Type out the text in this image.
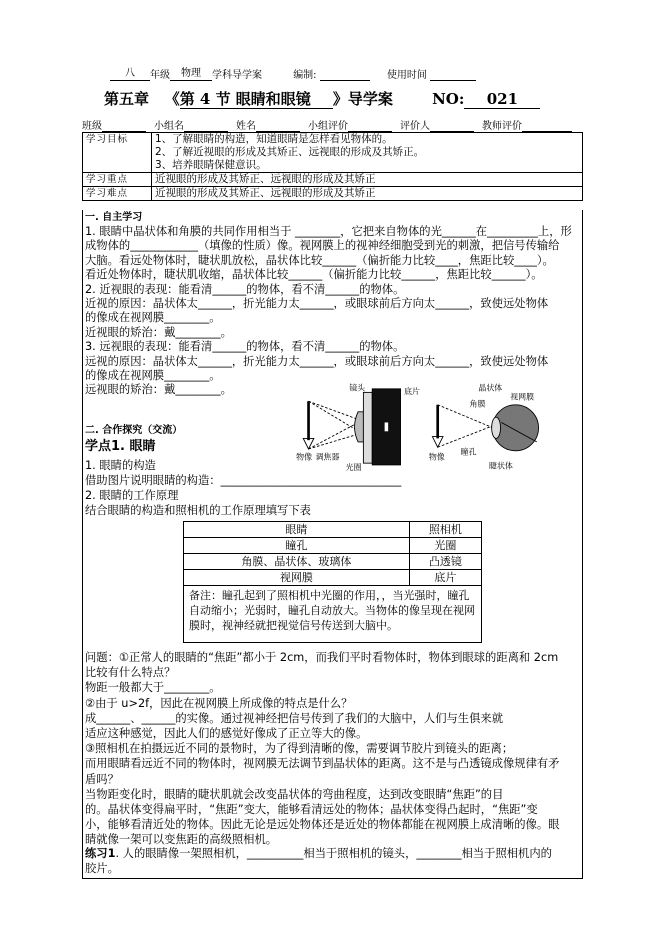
八 年级 物理 学科导学案	编制:	使用时间
第五章 《第 4 节 眼睛和眼镜 》导学案	NO: 021
班级	小组名	姓名	小组评价	评价人	教师评价
学习目标	1、了解眼睛的构造，知道眼睛是怎样看见物体的。
2、了解近视眼的形成及其矫正、远视眼的形成及其矫正。
3、培养眼睛保健意识。

学习重点	近视眼的形成及其矫正、远视眼的形成及其矫正
学习难点	近视眼的形成及其矫正、远视眼的形成及其矫正
一. 自主学习
1. 眼睛中晶状体和角膜的共同作用相当于 ________，它把来自物体的光______在_________上，形
成物体的____________（填像的性质）像。视网膜上的视神经细胞受到光的刺激，把信号传输给
大脑。看远处物体时，睫状肌放松，晶状体比较______（偏折能力比较____，焦距比较____）。
看近处物体时，睫状肌收缩，晶状体比较______（偏折能力比较______，焦距比较______）。
2. 近视眼的表现：能看清______的物体，看不清______的物体。
近视的原因：晶状体太______，折光能力太______，或眼球前后方向太______，致使远处物体
的像成在视网膜________。
近视眼的矫治：戴________。
3. 远视眼的表现：能看清______的物体，看不清______的物体。
远视的原因：晶状体太______，折光能力太______，或眼球前后方向太______，致使远处物体
的像成在视网膜________。
远视眼的矫治：戴________。	镜头	底片
物像 调焦器
光圈
晶状体
视网膜
角膜
物像
瞳孔
睫状体
二. 合作探究（交流）
学点1. 眼睛
1. 眼睛的构造
借助图片说明眼睛的构造：________________________________
2. 眼睛的工作原理
结合眼睛的构造和照相机的工作原理填写下表
眼睛	照相机
瞳孔	光圈
角膜、晶状体、玻璃体	凸透镜
视网膜	底片
备注：瞳孔起到了照相机中光圈的作用，，当光强时，瞳孔自动缩小；光弱时，瞳孔自动放大。当物体的像呈现在视网膜时，视神经就把视觉信号传送到大脑中。	
问题：①正常人的眼睛的“焦距”都小于 2cm，而我们平时看物体时，物体到眼球的距离和 2cm
比较有什么特点？
物距一般都大于________。
②由于 u>2f，因此在视网膜上所成像的特点是什么？
成______、______的实像。通过视神经把信号传到了我们的大脑中，人们与生俱来就
适应这种感觉，因此人们的感觉好像成了正立等大的像。
③照相机在拍摄远近不同的景物时，为了得到清晰的像，需要调节胶片到镜头的距离；
而用眼睛看远近不同的物体时，视网膜无法调节到晶状体的距离。这不是与凸透镜成像规律有矛
盾吗？
当物距变化时，眼睛的睫状肌就会改变晶状体的弯曲程度，达到改变眼睛“焦距”的目
的。晶状体变得扁平时，“焦距”变大，能够看清远处的物体；晶状体变得凸起时，“焦距”变
小，能够看清近处的物体。因此无论是远处物体还是近处的物体都能在视网膜上成清晰的像。眼
睛就像一架可以变焦距的高级照相机。
练习1. 人的眼睛像一架照相机，__________相当于照相机的镜头，________相当于照相机内的
胶片。
